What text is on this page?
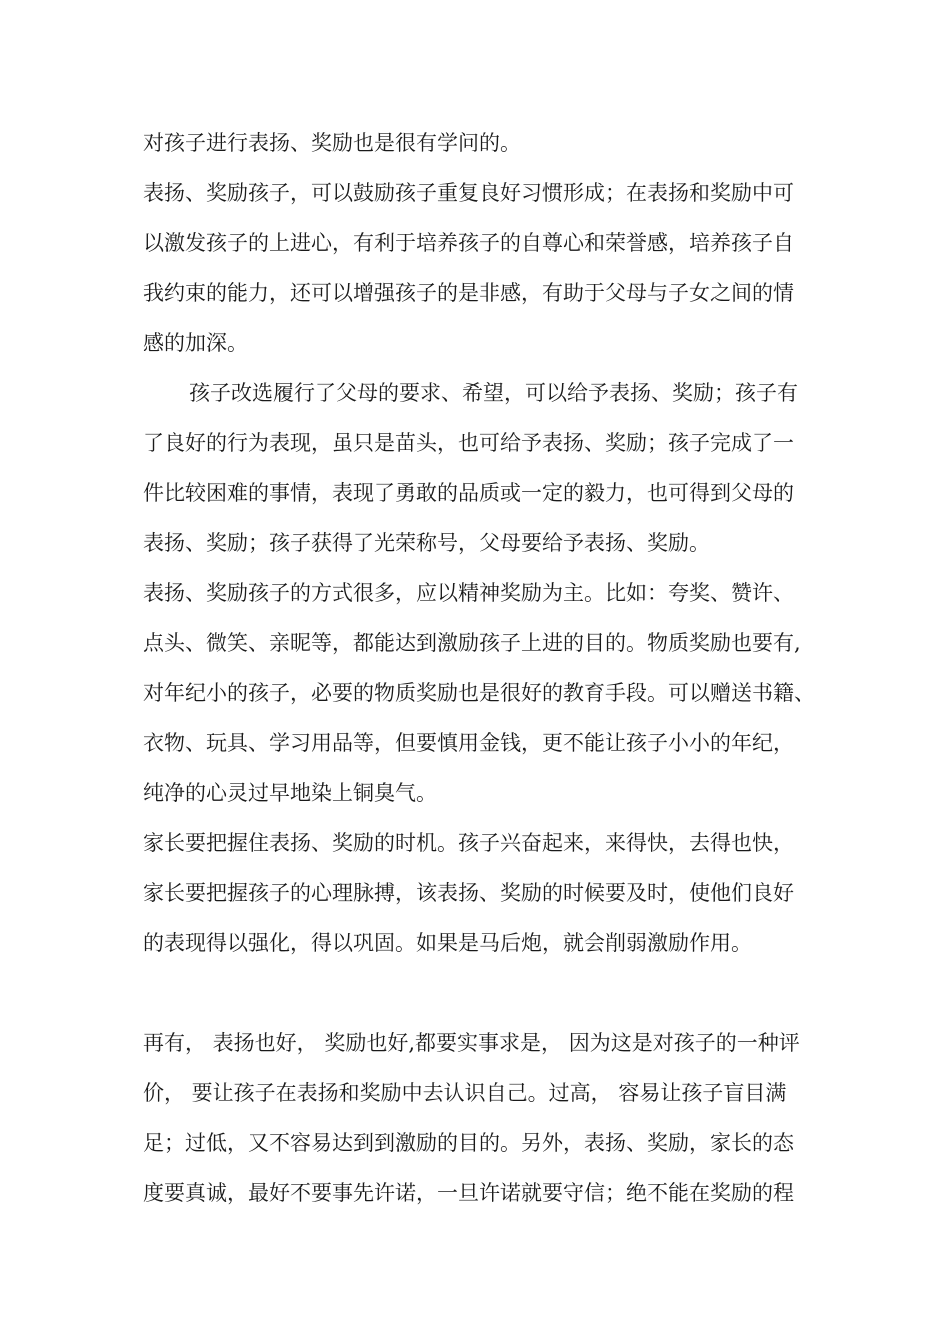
对孩子进行表扬、奖励也是很有学问的。

表扬、奖励孩子，可以鼓励孩子重复良好习惯形成；在表扬和奖励中可

以激发孩子的上进心，有利于培养孩子的自尊心和荣誉感，培养孩子自

我约束的能力，还可以增强孩子的是非感，有助于父母与子女之间的情

感的加深。

孩子改选履行了父母的要求、希望，可以给予表扬、奖励；孩子有

了良好的行为表现，虽只是苗头，也可给予表扬、奖励；孩子完成了一

件比较困难的事情，表现了勇敢的品质或一定的毅力，也可得到父母的

表扬、奖励；孩子获得了光荣称号，父母要给予表扬、奖励。

表扬、奖励孩子的方式很多，应以精神奖励为主。比如：夸奖、赞许、

点头、微笑、亲昵等，都能达到激励孩子上进的目的。物质奖励也要有,

对年纪小的孩子，必要的物质奖励也是很好的教育手段。可以赠送书籍、

衣物、玩具、学习用品等，但要慎用金钱，更不能让孩子小小的年纪，

纯净的心灵过早地染上铜臭气。

家长要把握住表扬、奖励的时机。孩子兴奋起来，来得快，去得也快，

家长要把握孩子的心理脉搏，该表扬、奖励的时候要及时，使他们良好

的表现得以强化，得以巩固。如果是马后炮，就会削弱激励作用。

再有， 表扬也好， 奖励也好,都要实事求是， 因为这是对孩子的一种评

价， 要让孩子在表扬和奖励中去认识自己。过高， 容易让孩子盲目满

足；过低，又不容易达到到激励的目的。另外，表扬、奖励，家长的态

度要真诚，最好不要事先许诺，一旦许诺就要守信；绝不能在奖励的程
